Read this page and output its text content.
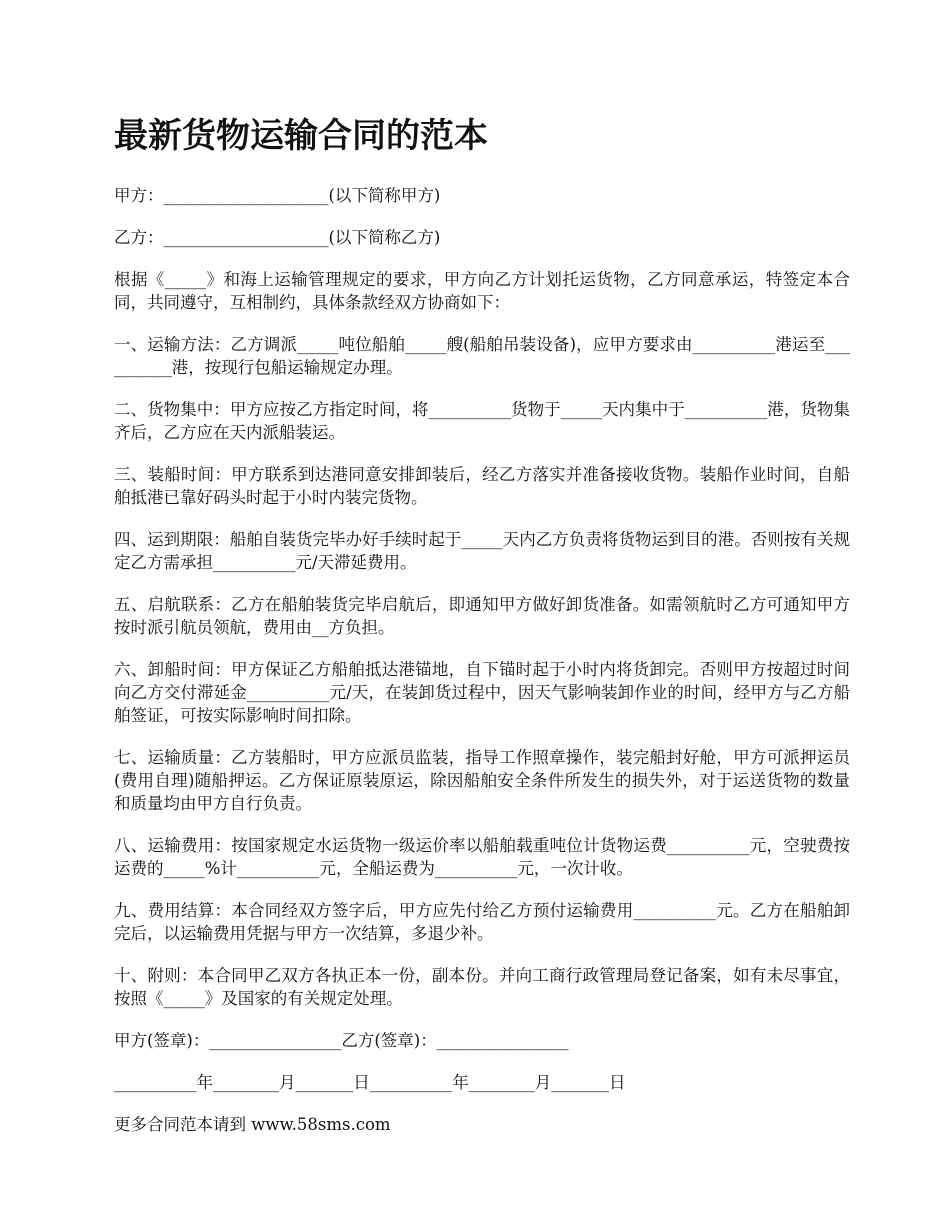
最新货物运输合同的范本

甲方：____________________(以下简称甲方)

乙方：____________________(以下简称乙方)

根据《_____》和海上运输管理规定的要求，甲方向乙方计划托运货物，乙方同意承运，特签定本合同，共同遵守，互相制约，具体条款经双方协商如下：

一、运输方法：乙方调派_____吨位船舶_____艘(船舶吊装设备)，应甲方要求由__________港运至__________港，按现行包船运输规定办理。

二、货物集中：甲方应按乙方指定时间，将__________货物于_____天内集中于__________港，货物集齐后，乙方应在天内派船装运。

三、装船时间：甲方联系到达港同意安排卸装后，经乙方落实并准备接收货物。装船作业时间，自船舶抵港已靠好码头时起于小时内装完货物。

四、运到期限：船舶自装货完毕办好手续时起于_____天内乙方负责将货物运到目的港。否则按有关规定乙方需承担__________元/天滞延费用。

五、启航联系：乙方在船舶装货完毕启航后，即通知甲方做好卸货准备。如需领航时乙方可通知甲方按时派引航员领航，费用由__方负担。

六、卸船时间：甲方保证乙方船舶抵达港锚地，自下锚时起于小时内将货卸完。否则甲方按超过时间向乙方交付滞延金__________元/天，在装卸货过程中，因天气影响装卸作业的时间，经甲方与乙方船舶签证，可按实际影响时间扣除。

七、运输质量：乙方装船时，甲方应派员监装，指导工作照章操作，装完船封好舱，甲方可派押运员(费用自理)随船押运。乙方保证原装原运，除因船舶安全条件所发生的损失外，对于运送货物的数量和质量均由甲方自行负责。

八、运输费用：按国家规定水运货物一级运价率以船舶载重吨位计货物运费__________元，空驶费按运费的_____%计__________元，全船运费为__________元，一次计收。

九、费用结算：本合同经双方签字后，甲方应先付给乙方预付运输费用__________元。乙方在船舶卸完后，以运输费用凭据与甲方一次结算，多退少补。

十、附则：本合同甲乙双方各执正本一份，副本份。并向工商行政管理局登记备案，如有未尽事宜，按照《_____》及国家的有关规定处理。

甲方(签章)：________________乙方(签章)：________________

__________年________月_______日__________年________月_______日

更多合同范本请到 www.58sms.com
